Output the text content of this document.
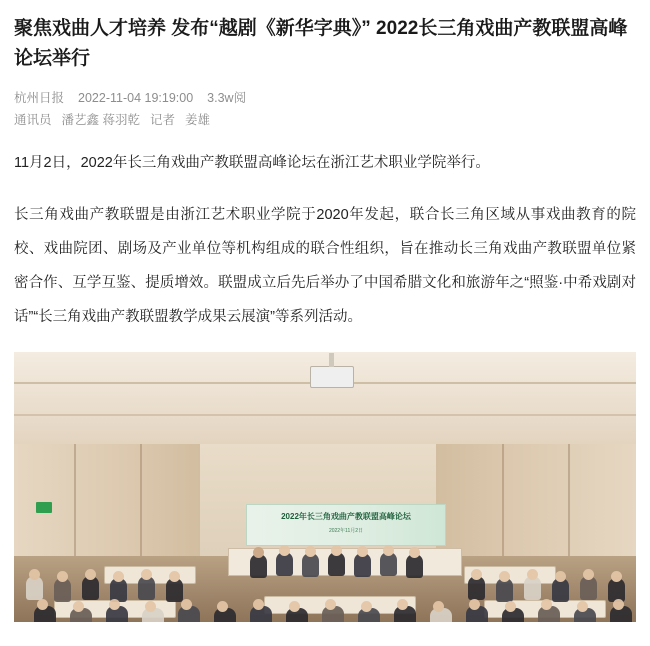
聚焦戏曲人才培养 发布“越剧《新华字典》” 2022长三角戏曲产教联盟高峰论坛举行
杭州日报 2022-11-04 19:19:00 3.3w阅
通讯员 潘艺鑫 蒋羽乾 记者 姜雄

11月2日，2022年长三角戏曲产教联盟高峰论坛在浙江艺术职业学院举行。

长三角戏曲产教联盟是由浙江艺术职业学院于2020年发起，联合长三角区域从事戏曲教育的院校、戏曲院团、剧场及产业单位等机构组成的联合性组织，旨在推动长三角戏曲产教联盟单位紧密合作、互学互鉴、提质增效。联盟成立后先后举办了中国希腊文化和旅游年之“照鉴·中希戏剧对话”“长三角戏曲产教联盟教学成果云展演”等系列活动。

2022年长三角戏曲产教联盟高峰论坛
2022年11月2日
